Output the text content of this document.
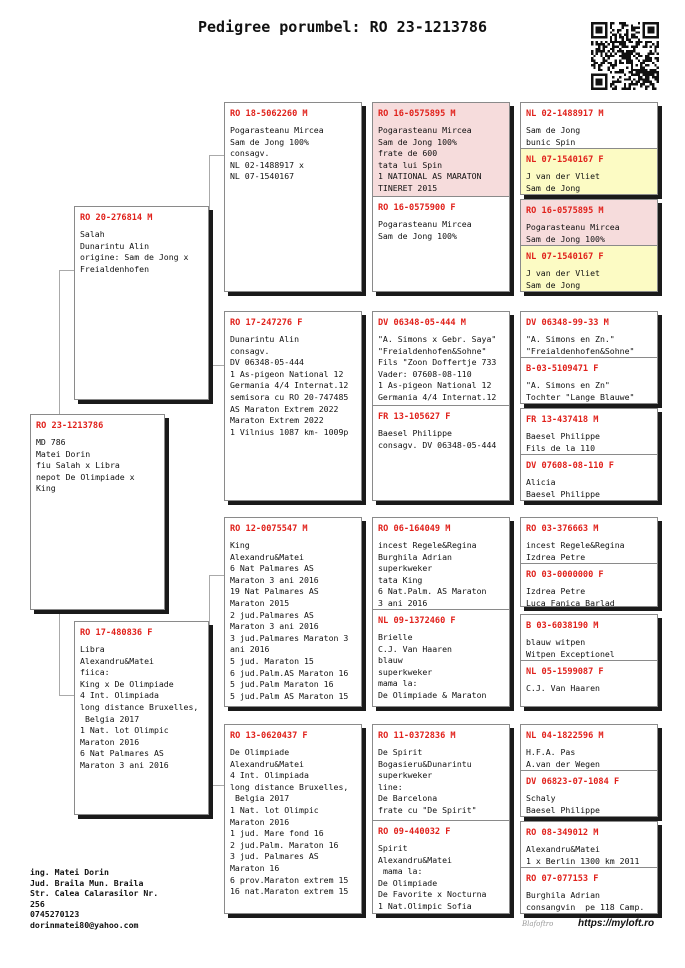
Pedigree porumbel: RO 23-1213786
RO 23-1213786
MD 786
Matei Dorin
fiu Salah x Libra
nepot De Olimpiade x
King
RO 20-276814 M
Salah
Dunarintu Alin
origine: Sam de Jong x
Freialdenhofen
RO 17-480836 F
Libra
Alexandru&Matei
fiica:
King x De Olimpiade
4 Int. Olimpiada
long distance Bruxelles,
Belgia 2017
1 Nat. lot Olimpic
Maraton 2016
6 Nat Palmares AS
Maraton 3 ani 2016
RO 18-5062260 M
Pogarasteanu Mircea
Sam de Jong 100%
consagv.
NL 02-1488917 x
NL 07-1540167
RO 17-247276 F
Dunarintu Alin
consagv.
DV 06348-05-444
1 As-pigeon National 12
Germania 4/4 Internat.12
semisora cu RO 20-747485
AS Maraton Extrem 2022
Maraton Extrem 2022
1 Vilnius 1087 km- 1009p
RO 12-0075547 M
King
Alexandru&Matei
6 Nat Palmares AS
Maraton 3 ani 2016
19 Nat Palmares AS
Maraton 2015
2 jud.Palmares AS
Maraton 3 ani 2016
3 jud.Palmares Maraton 3
ani 2016
5 jud. Maraton 15
6 jud.Palm.AS Maraton 16
5 jud.Palm Maraton 16
5 jud.Palm AS Maraton 15
RO 13-0620437 F
De Olimpiade
Alexandru&Matei
4 Int. Olimpiada
long distance Bruxelles,
Belgia 2017
1 Nat. lot Olimpic
Maraton 2016
1 jud. Mare fond 16
2 jud.Palm. Maraton 16
3 jud. Palmares AS
Maraton 16
6 prov.Maraton extrem 15
16 nat.Maraton extrem 15
RO 16-0575895 M
Pogarasteanu Mircea
Sam de Jong 100%
frate de 600
tata lui Spin
1 NATIONAL AS MARATON
TINERET 2015
RO 16-0575900 F
Pogarasteanu Mircea
Sam de Jong 100%
DV 06348-05-444 M
"A. Simons x Gebr. Saya"
"Freialdenhofen&Sohne"
Fils "Zoon Doffertje 733
Vader: 07608-08-110
1 As-pigeon National 12
Germania 4/4 Internat.12
FR 13-105627 F
Baesel Philippe
consagv. DV 06348-05-444
RO 06-164049 M
incest Regele&Regina
Burghila Adrian
superkweker
tata King
6 Nat.Palm. AS Maraton
3 ani 2016
NL 09-1372460 F
Brielle
C.J. Van Haaren
blauw
superkweker
mama la:
De Olimpiade & Maraton
RO 11-0372836 M
De Spirit
Bogasieru&Dunarintu
superkweker
line:
De Barcelona
frate cu "De Spirit"
RO 09-440032 F
Spirit
Alexandru&Matei
mama la:
De Olimpiade
De Favorite x Nocturna
1 Nat.Olimpic Sofia
NL 02-1488917 M
Sam de Jong
bunic Spin
NL 07-1540167 F
J van der Vliet
Sam de Jong
RO 16-0575895 M
Pogarasteanu Mircea
Sam de Jong 100%
NL 07-1540167 F
J van der Vliet
Sam de Jong
DV 06348-99-33 M
"A. Simons en Zn."
"Freialdenhofen&Sohne"
B-03-5109471 F
"A. Simons en Zn"
Tochter "Lange Blauwe"
FR 13-437418 M
Baesel Philippe
Fils de la 110
DV 07608-08-110 F
Alicia
Baesel Philippe
RO 03-376663 M
incest Regele&Regina
Izdrea Petre
RO 03-0000000 F
Izdrea Petre
Luca Fanica Barlad
B 03-6038190 M
blauw witpen
Witpen Exceptionel
NL 05-1599087 F
C.J. Van Haaren
NL 04-1822596 M
H.F.A. Pas
A.van der Wegen
DV 06823-07-1084 F
Schaly
Baesel Philippe
RO 08-349012 M
Alexandru&Matei
1 x Berlin 1300 km 2011
RO 07-077153 F
Burghila Adrian
consangvin  pe 118 Camp.
ing. Matei Dorin
Jud. Braila Mun. Braila
Str. Calea Calarasilor Nr.
256
0745270123
dorinmatei80@yahoo.com	Blafoftro https://myloft.ro
